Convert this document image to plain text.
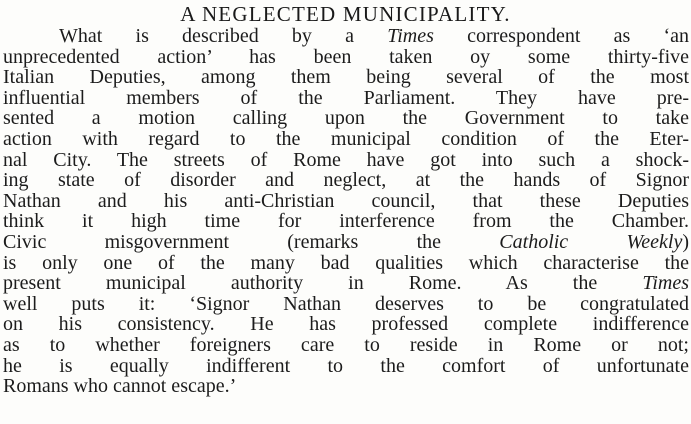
A NEGLECTED MUNICIPALITY.
What is described by a Times correspondent as ‘an
unprecedented action’ has been taken oy some thirty-five
Italian Deputies, among them being several of the most
influential members of the Parliament. They have pre-
sented a motion calling upon the Government to take
action with regard to the municipal condition of the Eter-
nal City. The streets of Rome have got into such a shock-
ing state of disorder and neglect, at the hands of Signor
Nathan and his anti-Christian council, that these Deputies
think it high time for interference from the Chamber.
Civic misgovernment (remarks the Catholic Weekly)
is only one of the many bad qualities which characterise the
present municipal authority in Rome. As the Times
well puts it: ‘Signor Nathan deserves to be congratulated
on his consistency. He has professed complete indifference
as to whether foreigners care to reside in Rome or not;
he is equally indifferent to the comfort of unfortunate
Romans who cannot escape.’
